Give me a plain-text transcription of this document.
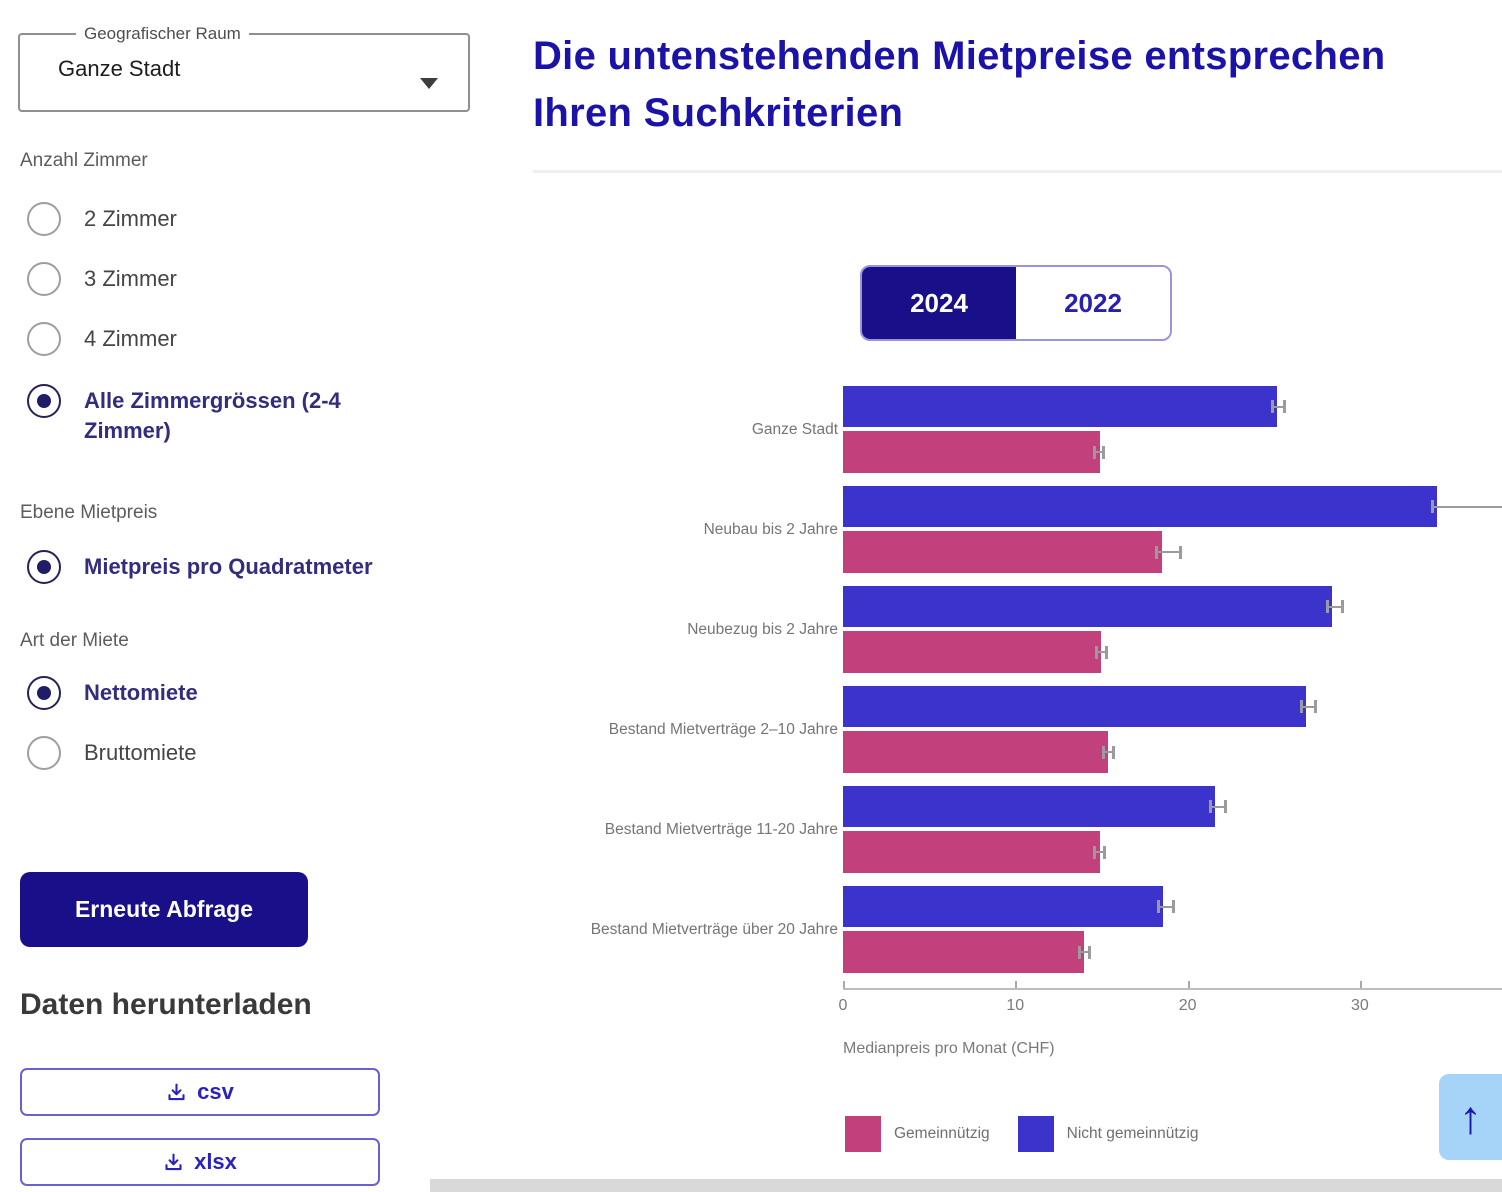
Geografischer Raum
Ganze Stadt
Anzahl Zimmer
2 Zimmer
3 Zimmer
4 Zimmer
Alle Zimmergrössen (2-4 Zimmer)
Ebene Mietpreis
Mietpreis pro Quadratmeter
Art der Miete
Nettomiete
Bruttomiete
Erneute Abfrage
Daten herunterladen
csv
xlsx
Die untenstehenden Mietpreise entsprechen Ihren Suchkriterien
2024	2022
Ganze Stadt
Neubau bis 2 Jahre
Neubezug bis 2 Jahre
Bestand Mietverträge 2–10 Jahre
Bestand Mietverträge 11-20 Jahre
Bestand Mietverträge über 20 Jahre
0	10	20	30
Medianpreis pro Monat (CHF)
Gemeinnützig	Nicht gemeinnützig	↑
